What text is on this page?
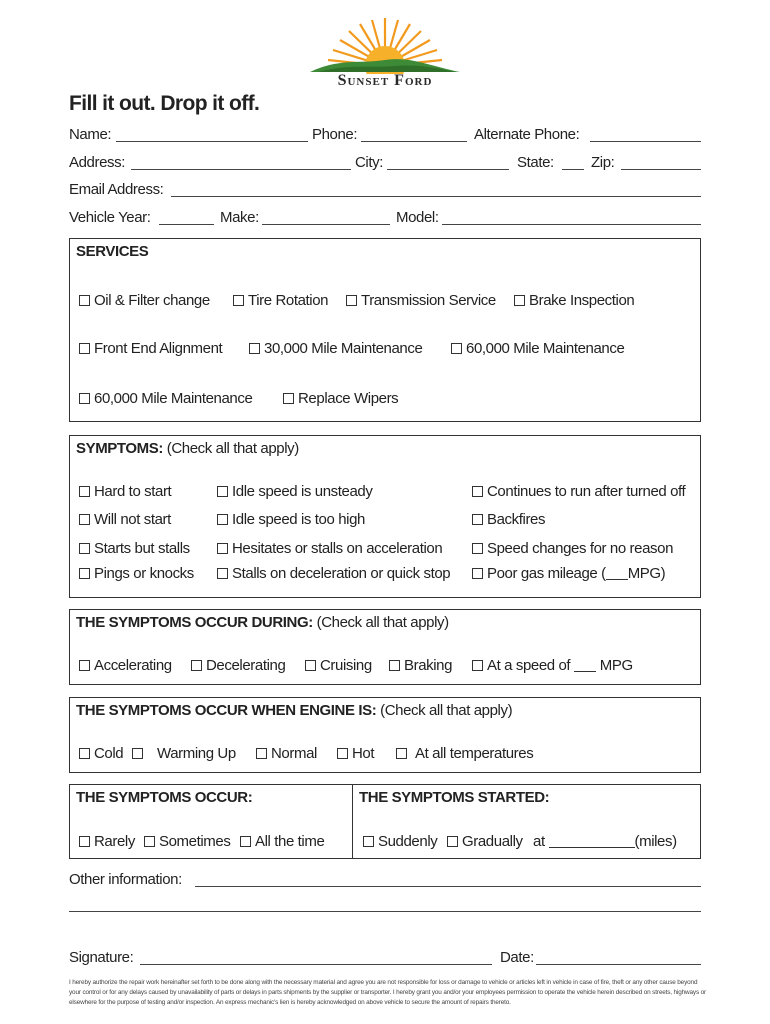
Sunset Ford
Fill it out. Drop it off.
Name:	Phone:	Alternate Phone:
Address:	City:	State: Zip:
Email Address:
Vehicle Year:	Make:	Model:
SERVICES
Oil & Filter change	Tire Rotation	Transmission Service	Brake Inspection
Front End Alignment	30,000 Mile Maintenance	60,000 Mile Maintenance
60,000 Mile Maintenance	Replace Wipers
SYMPTOMS: (Check all that apply)
Hard to start	Idle speed is unsteady	Continues to run after turned off
Will not start	Idle speed is too high	Backfires
Starts but stalls	Hesitates or stalls on acceleration	Speed changes for no reason
Pings or knocks	Stalls on deceleration or quick stop	Poor gas mileage ( MPG)
THE SYMPTOMS OCCUR DURING: (Check all that apply)
Accelerating	Decelerating	Cruising	Braking	At a speed of MPG
THE SYMPTOMS OCCUR WHEN ENGINE IS: (Check all that apply)
Cold	Warming Up	Normal	Hot	At all temperatures
THE SYMPTOMS OCCUR:	THE SYMPTOMS STARTED:
Rarely	Sometimes	All the time	Suddenly	Gradually at	(miles)
Other information:
Signature:	Date:
I hereby authorize the repair work hereinafter set forth to be done along with the necessary material and agree you are not responsible for loss or damage to vehicle or articles left in vehicle in case of fire, theft or any other cause beyond your control or for any delays caused by unavailability of parts or delays in parts shipments by the supplier or transporter. I hereby grant you and/or your employees permission to operate the vehicle herein described on streets, highways or elsewhere for the purpose of testing and/or inspection. An express mechanic's lien is hereby acknowledged on above vehicle to secure the amount of repairs thereto.
